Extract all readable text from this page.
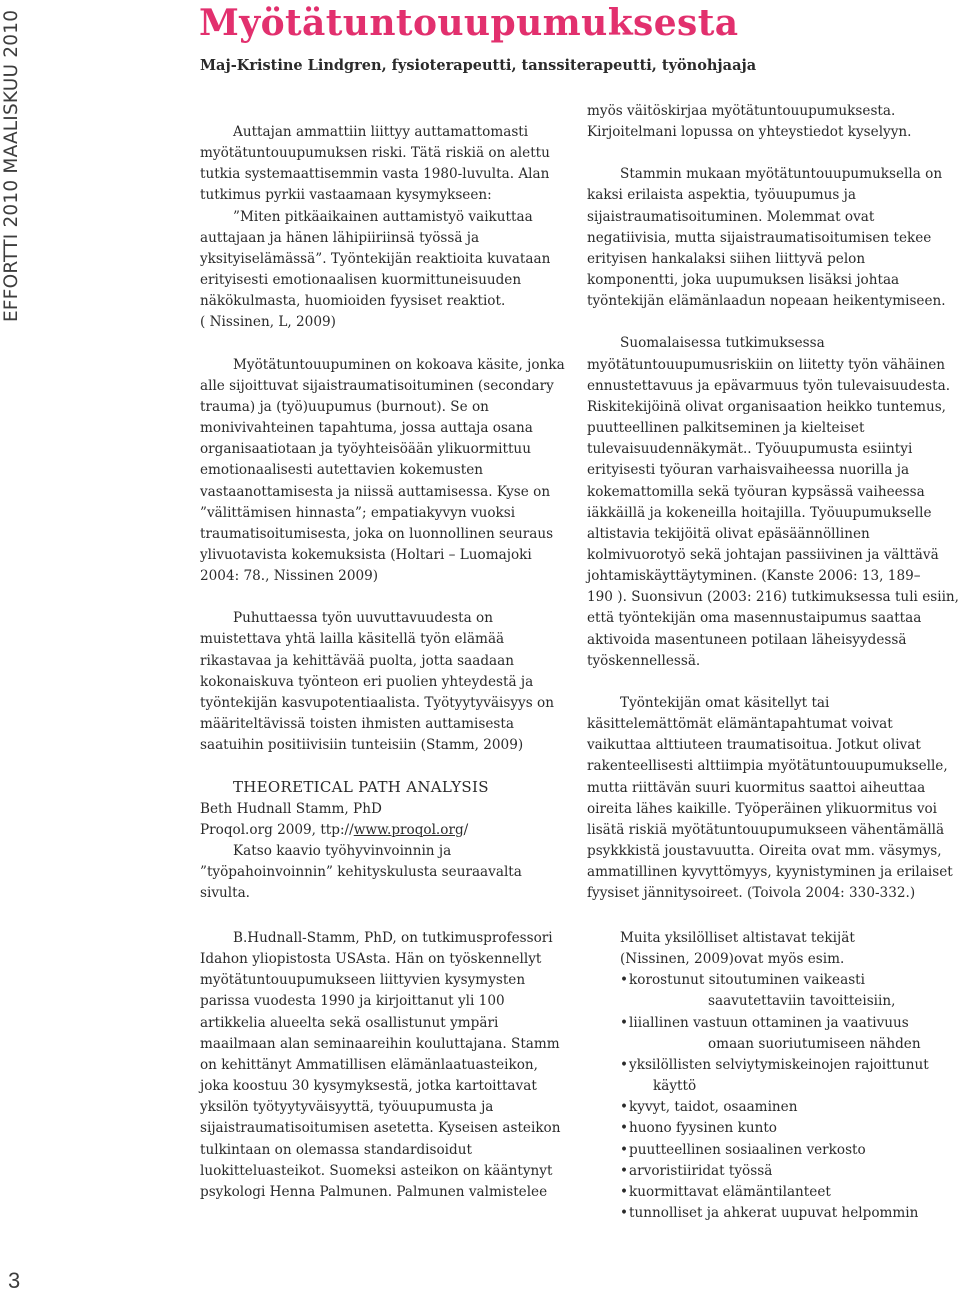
EFFORTTI 2010 MAALISKUU 2010
3
Myötätuntouupumuksesta

Maj-Kristine Lindgren, fysioterapeutti, tanssiterapeutti, työnohjaaja

Auttajan ammattiin liittyy auttamattomasti
myötätuntouupumuksen riski. Tätä riskiä on alettu
tutkia systemaattisemmin vasta 1980-luvulta. Alan
tutkimus pyrkii vastaamaan kysymykseen:
”Miten pitkäaikainen auttamistyö vaikuttaa
auttajaan ja hänen lähipiiriinsä työssä ja
yksityiselämässä”. Työntekijän reaktioita kuvataan
erityisesti emotionaalisen kuormittuneisuuden
näkökulmasta, huomioiden fyysiset reaktiot.
( Nissinen, L, 2009)
Myötätuntouupuminen on kokoava käsite, jonka
alle sijoittuvat sijaistraumatisoituminen (secondary
trauma) ja (työ)uupumus (burnout). Se on
monivivahteinen tapahtuma, jossa auttaja osana
organisaatiotaan ja työyhteisöään ylikuormittuu
emotionaalisesti autettavien kokemusten
vastaanottamisesta ja niissä auttamisessa. Kyse on
”välittämisen hinnasta”; empatiakyvyn vuoksi
traumatisoitumisesta, joka on luonnollinen seuraus
ylivuotavista kokemuksista (Holtari – Luomajoki
2004: 78., Nissinen 2009)
Puhuttaessa työn uuvuttavuudesta on
muistettava yhtä lailla käsitellä työn elämää
rikastavaa ja kehittävää puolta, jotta saadaan
kokonaiskuva työnteon eri puolien yhteydestä ja
työntekijän kasvupotentiaalista. Työtyytyväisyys on
määriteltävissä toisten ihmisten auttamisesta
saatuihin positiivisiin tunteisiin (Stamm, 2009)
THEORETICAL PATH ANALYSIS
Beth Hudnall Stamm, PhD
Proqol.org 2009, ttp://www.proqol.org/
Katso kaavio työhyvinvoinnin ja
”työpahoinvoinnin” kehityskulusta seuraavalta
sivulta.
B.Hudnall-Stamm, PhD, on tutkimusprofessori
Idahon yliopistosta USAsta. Hän on työskennellyt
myötätuntouupumukseen liittyvien kysymysten
parissa vuodesta 1990 ja kirjoittanut yli 100
artikkelia alueelta sekä osallistunut ympäri
maailmaan alan seminaareihin kouluttajana. Stamm
on kehittänyt Ammatillisen elämänlaatuasteikon,
joka koostuu 30 kysymyksestä, jotka kartoittavat
yksilön työtyytyväisyyttä, työuupumusta ja
sijaistraumatisoitumisen asetetta. Kyseisen asteikon
tulkintaan on olemassa standardisoidut
luokitteluasteikot. Suomeksi asteikon on kääntynyt
psykologi Henna Palmunen. Palmunen valmistelee
myös väitöskirjaa myötätuntouupumuksesta.
Kirjoitelmani lopussa on yhteystiedot kyselyyn.
Stammin mukaan myötätuntouupumuksella on
kaksi erilaista aspektia, työuupumus ja
sijaistraumatisoituminen. Molemmat ovat
negatiivisia, mutta sijaistraumatisoitumisen tekee
erityisen hankalaksi siihen liittyvä pelon
komponentti, joka uupumuksen lisäksi johtaa
työntekijän elämänlaadun nopeaan heikentymiseen.
Suomalaisessa tutkimuksessa
myötätuntouupumusriskiin on liitetty työn vähäinen
ennustettavuus ja epävarmuus työn tulevaisuudesta.
Riskitekijöinä olivat organisaation heikko tuntemus,
puutteellinen palkitseminen ja kielteiset
tulevaisuudennäkymät.. Työuupumusta esiintyi
erityisesti työuran varhaisvaiheessa nuorilla ja
kokemattomilla sekä työuran kypsässä vaiheessa
iäkkäillä ja kokeneilla hoitajilla. Työuupumukselle
altistavia tekijöitä olivat epäsäännöllinen
kolmivuorotyö sekä johtajan passiivinen ja välttävä
johtamiskäyttäytyminen. (Kanste 2006: 13, 189–
190 ). Suonsivun (2003: 216) tutkimuksessa tuli esiin,
että työntekijän oma masennustaipumus saattaa
aktivoida masentuneen potilaan läheisyydessä
työskennellessä.
Työntekijän omat käsitellyt tai
käsittelemättömät elämäntapahtumat voivat
vaikuttaa alttiuteen traumatisoitua. Jotkut olivat
rakenteellisesti alttiimpia myötätuntouupumukselle,
mutta riittävän suuri kuormitus saattoi aiheuttaa
oireita lähes kaikille. Työperäinen ylikuormitus voi
lisätä riskiä myötätuntouupumukseen vähentämällä
psykkkistä joustavuutta. Oireita ovat mm. väsymys,
ammatillinen kyvyttömyys, kyynistyminen ja erilaiset
fyysiset jännitysoireet. (Toivola 2004: 330-332.)
Muita yksilölliset altistavat tekijät
(Nissinen, 2009)ovat myös esim.
•korostunut sitoutuminen vaikeasti
saavutettaviin tavoitteisiin,
•liiallinen vastuun ottaminen ja vaativuus
omaan suoriutumiseen nähden
•yksilöllisten selviytymiskeinojen rajoittunut
käyttö
•kyvyt, taidot, osaaminen
•huono fyysinen kunto
•puutteellinen sosiaalinen verkosto
•arvoristiiridat työssä
•kuormittavat elämäntilanteet
•tunnolliset ja ahkerat uupuvat helpommin
